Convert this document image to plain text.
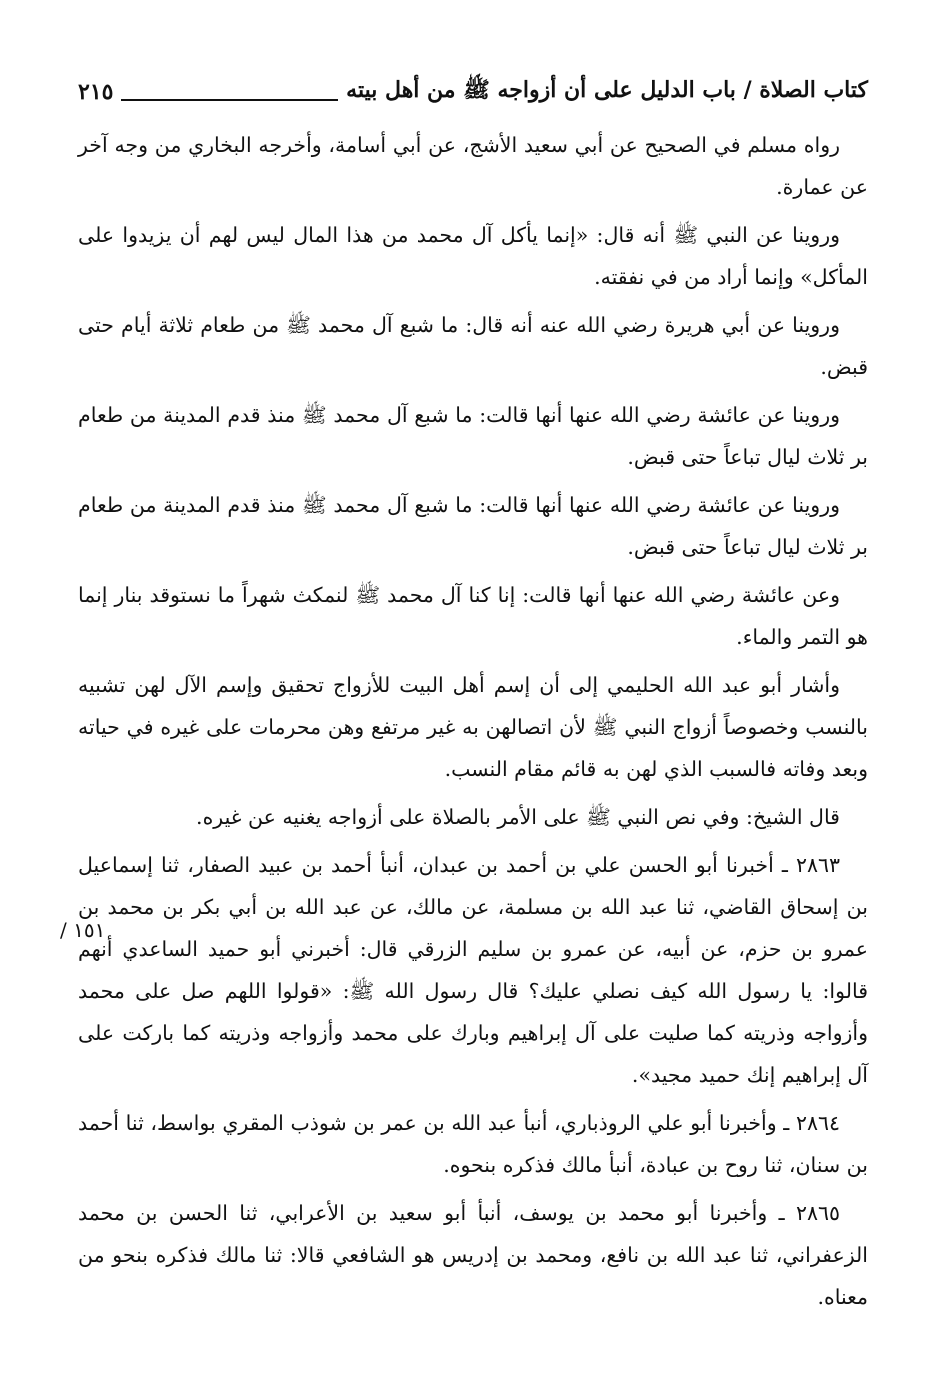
كتاب الصلاة / باب الدليل على أن أزواجه ﷺ من أهل بيته
٢١٥

رواه مسلم في الصحيح عن أبي سعيد الأشج، عن أبي أسامة، وأخرجه البخاري من وجه آخر عن عمارة.

وروينا عن النبي ﷺ أنه قال: «إنما يأكل آل محمد من هذا المال ليس لهم أن يزيدوا على المأكل» وإنما أراد من في نفقته.

وروينا عن أبي هريرة رضي الله عنه أنه قال: ما شبع آل محمد ﷺ من طعام ثلاثة أيام حتى قبض.

وروينا عن عائشة رضي الله عنها أنها قالت: ما شبع آل محمد ﷺ منذ قدم المدينة من طعام بر ثلاث ليال تباعاً حتى قبض.

وروينا عن عائشة رضي الله عنها أنها قالت: ما شبع آل محمد ﷺ منذ قدم المدينة من طعام بر ثلاث ليال تباعاً حتى قبض.

وعن عائشة رضي الله عنها أنها قالت: إنا كنا آل محمد ﷺ لنمكث شهراً ما نستوقد بنار إنما هو التمر والماء.

وأشار أبو عبد الله الحليمي إلى أن إسم أهل البيت للأزواج تحقيق وإسم الآل لهن تشبيه بالنسب وخصوصاً أزواج النبي ﷺ لأن اتصالهن به غير مرتفع وهن محرمات على غيره في حياته وبعد وفاته فالسبب الذي لهن به قائم مقام النسب.

قال الشيخ: وفي نص النبي ﷺ على الأمر بالصلاة على أزواجه يغنيه عن غيره.

٢٨٦٣ ـ أخبرنا أبو الحسن علي بن أحمد بن عبدان، أنبأ أحمد بن عبيد الصفار، ثنا إسماعيل بن إسحاق القاضي، ثنا عبد الله بن مسلمة، عن مالك، عن عبد الله بن أبي بكر بن محمد بن عمرو بن حزم، عن أبيه، عن عمرو بن سليم الزرقي قال: أخبرني أبو حميد الساعدي أنهم قالوا: يا رسول الله كيف نصلي عليك؟ قال رسول الله ﷺ: «قولوا اللهم صل على محمد وأزواجه وذريته كما صليت على آل إبراهيم وبارك على محمد وأزواجه وذريته كما باركت على آل إبراهيم إنك حميد مجيد».

٢٨٦٤ ـ وأخبرنا أبو علي الروذباري، أنبأ عبد الله بن عمر بن شوذب المقري بواسط، ثنا أحمد بن سنان، ثنا روح بن عبادة، أنبأ مالك فذكره بنحوه.

٢٨٦٥ ـ وأخبرنا أبو محمد بن يوسف، أنبأ أبو سعيد بن الأعرابي، ثنا الحسن بن محمد الزعفراني، ثنا عبد الله بن نافع، ومحمد بن إدريس هو الشافعي قالا: ثنا مالك فذكره بنحو من معناه.

١٥١ /
